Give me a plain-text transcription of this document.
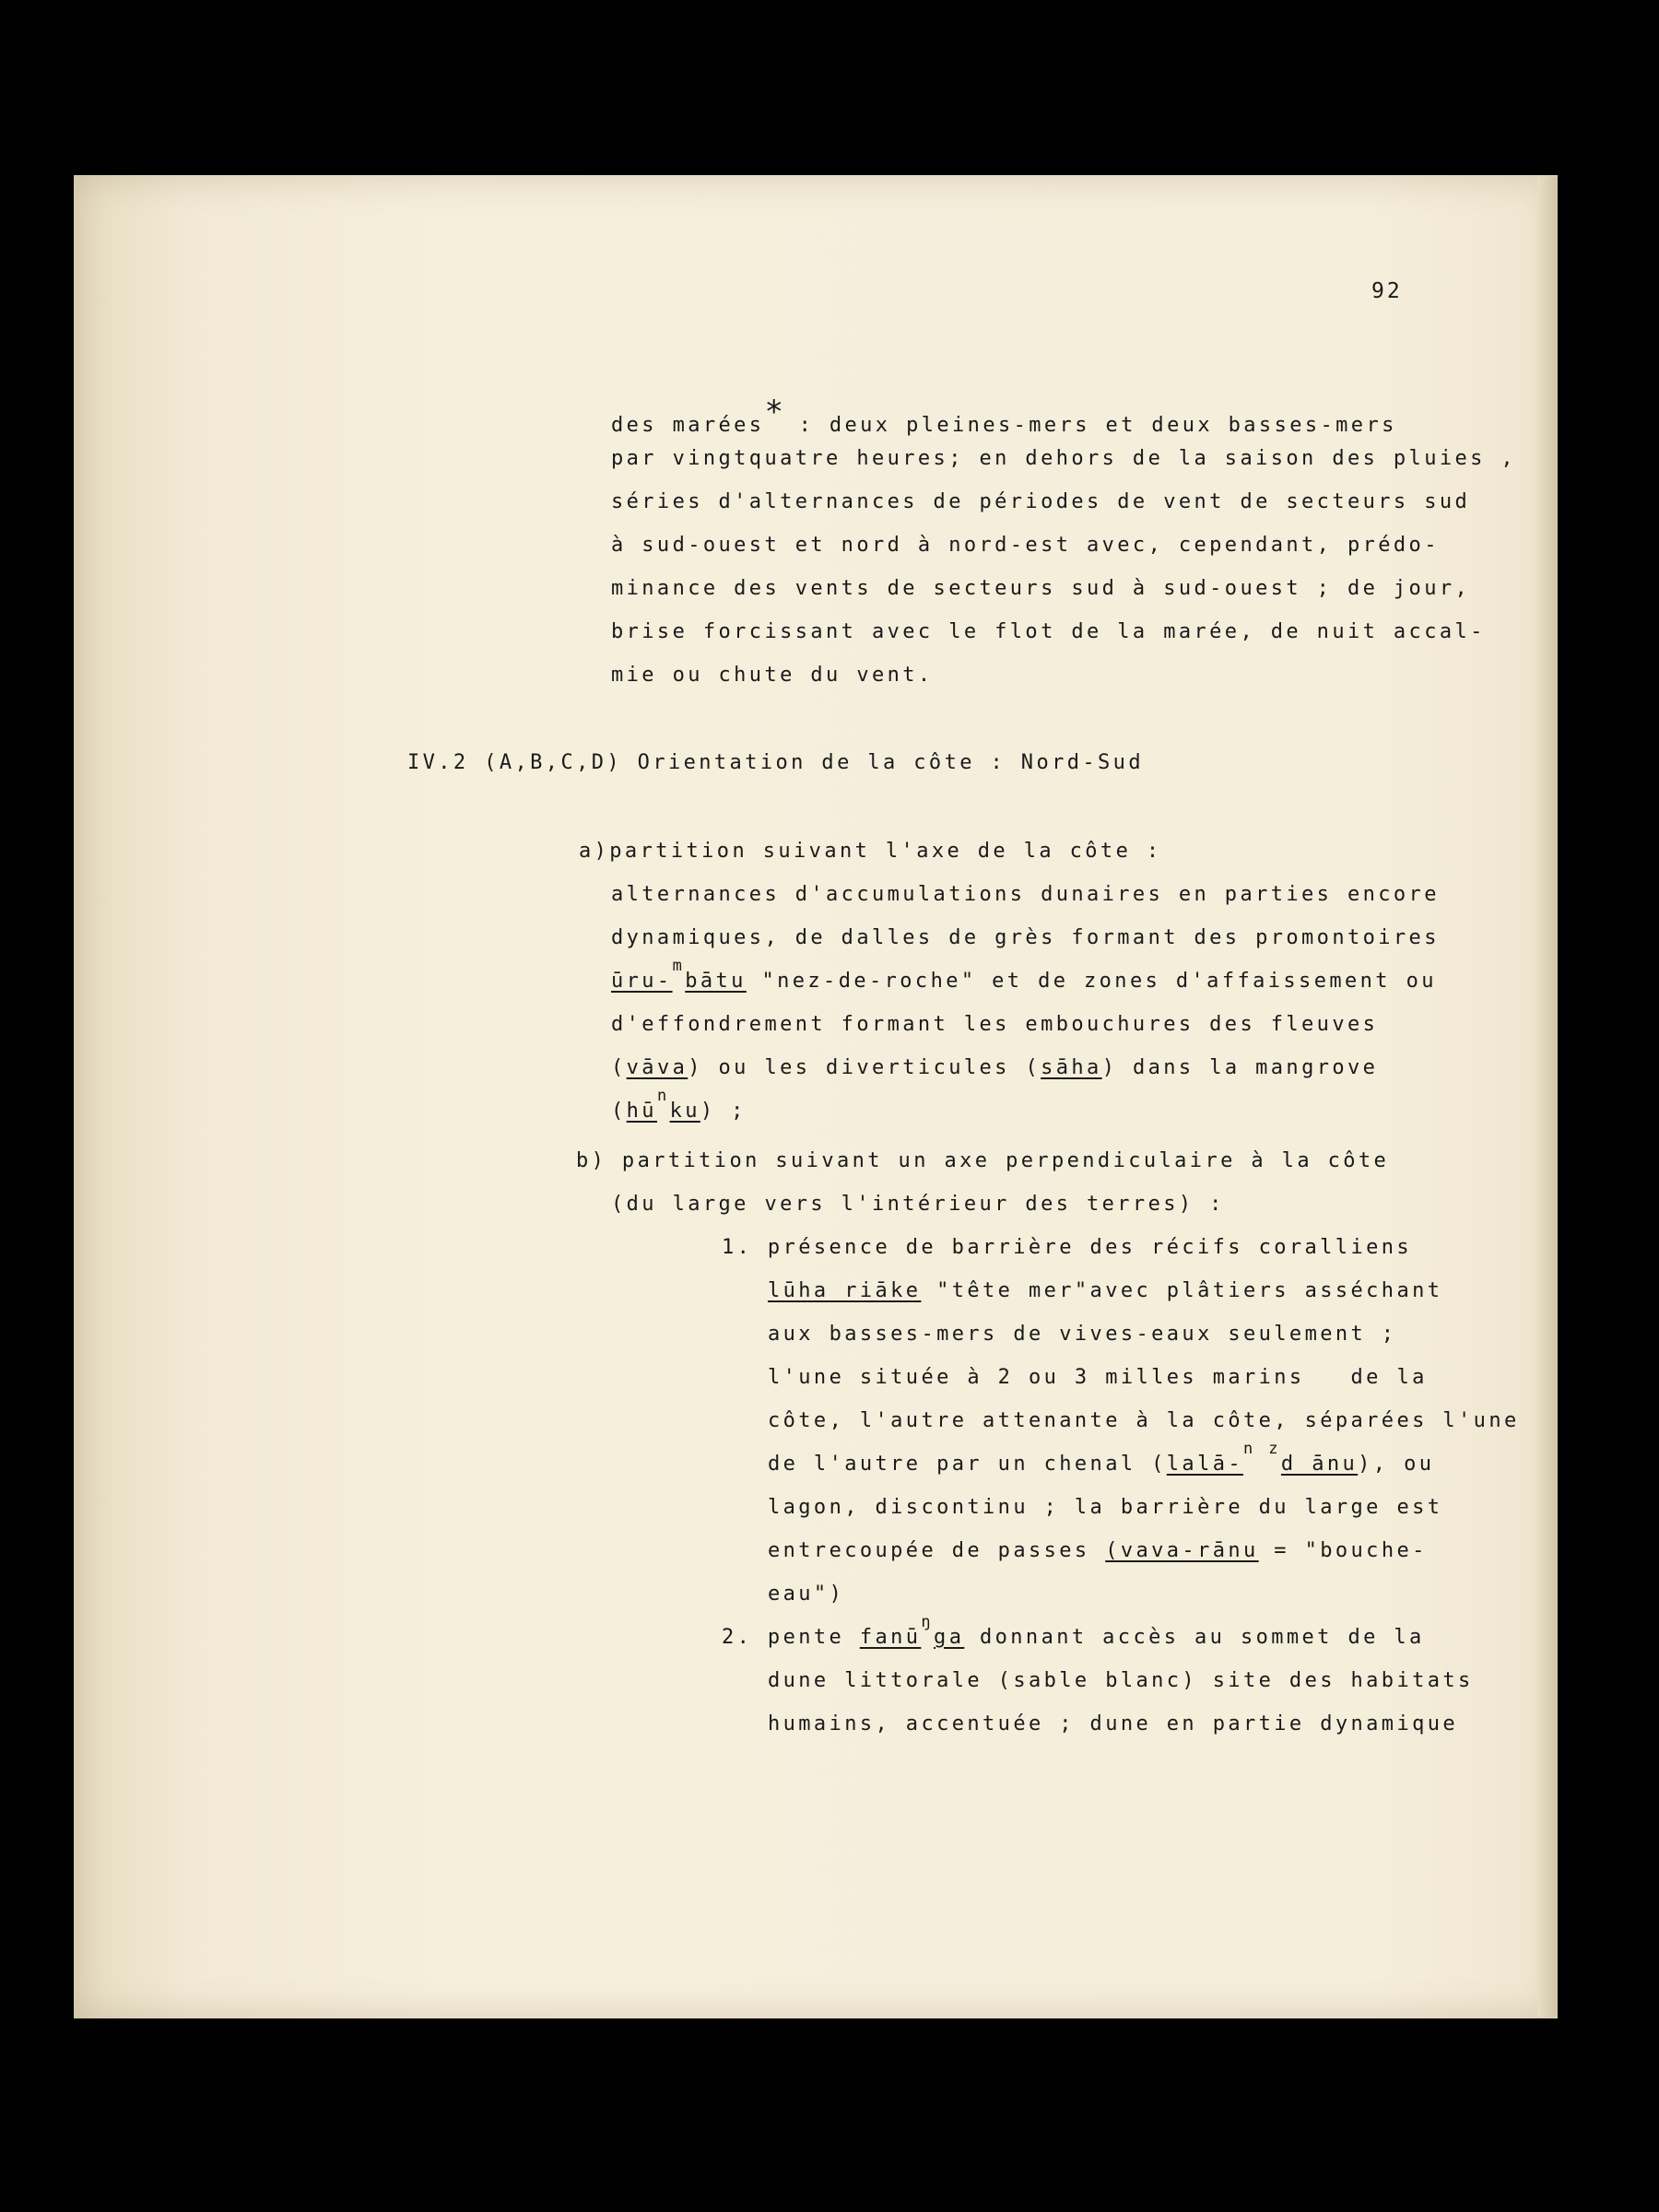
92
des marées* : deux pleines-mers et deux basses-mers
par vingtquatre heures; en dehors de la saison des pluies ,
séries d'alternances de périodes de vent de secteurs sud
à sud-ouest et nord à nord-est avec, cependant, prédo-
minance des vents de secteurs sud à sud-ouest ; de jour,
brise forcissant avec le flot de la marée, de nuit accal-
mie ou chute du vent.
IV.2 (A,B,C,D) Orientation de la côte : Nord-Sud
a)partition suivant l'axe de la côte :
alternances d'accumulations dunaires en parties encore
dynamiques, de dalles de grès formant des promontoires
ūru-$^m$bātu "nez-de-roche" et de zones d'affaissement ou
d'effondrement formant les embouchures des fleuves
(vāva) ou les diverticules (sāha) dans la mangrove
$(hū^nku)$ ;
b) partition suivant un axe perpendiculaire à la côte
(du large vers l'intérieur des terres) :
1. présence de barrière des récifs coralliens
lūha riāke "tête mer"avec plâtiers asséchant
aux basses-mers de vives-eaux seulement ;
l'une située à 2 ou 3 milles marins   de la
côte, l'autre attenante à la côte, séparées l'une
de l'autre par un chenal (lalā-$^{n z}$d ānu), ou
lagon, discontinu ; la barrière du large est
entrecoupée de passes (vava-rānu = "bouche-
eau")
2. pente fanū$^ŋ$ga donnant accès au sommet de la
dune littorale (sable blanc) site des habitats
humains, accentuée ; dune en partie dynamique
